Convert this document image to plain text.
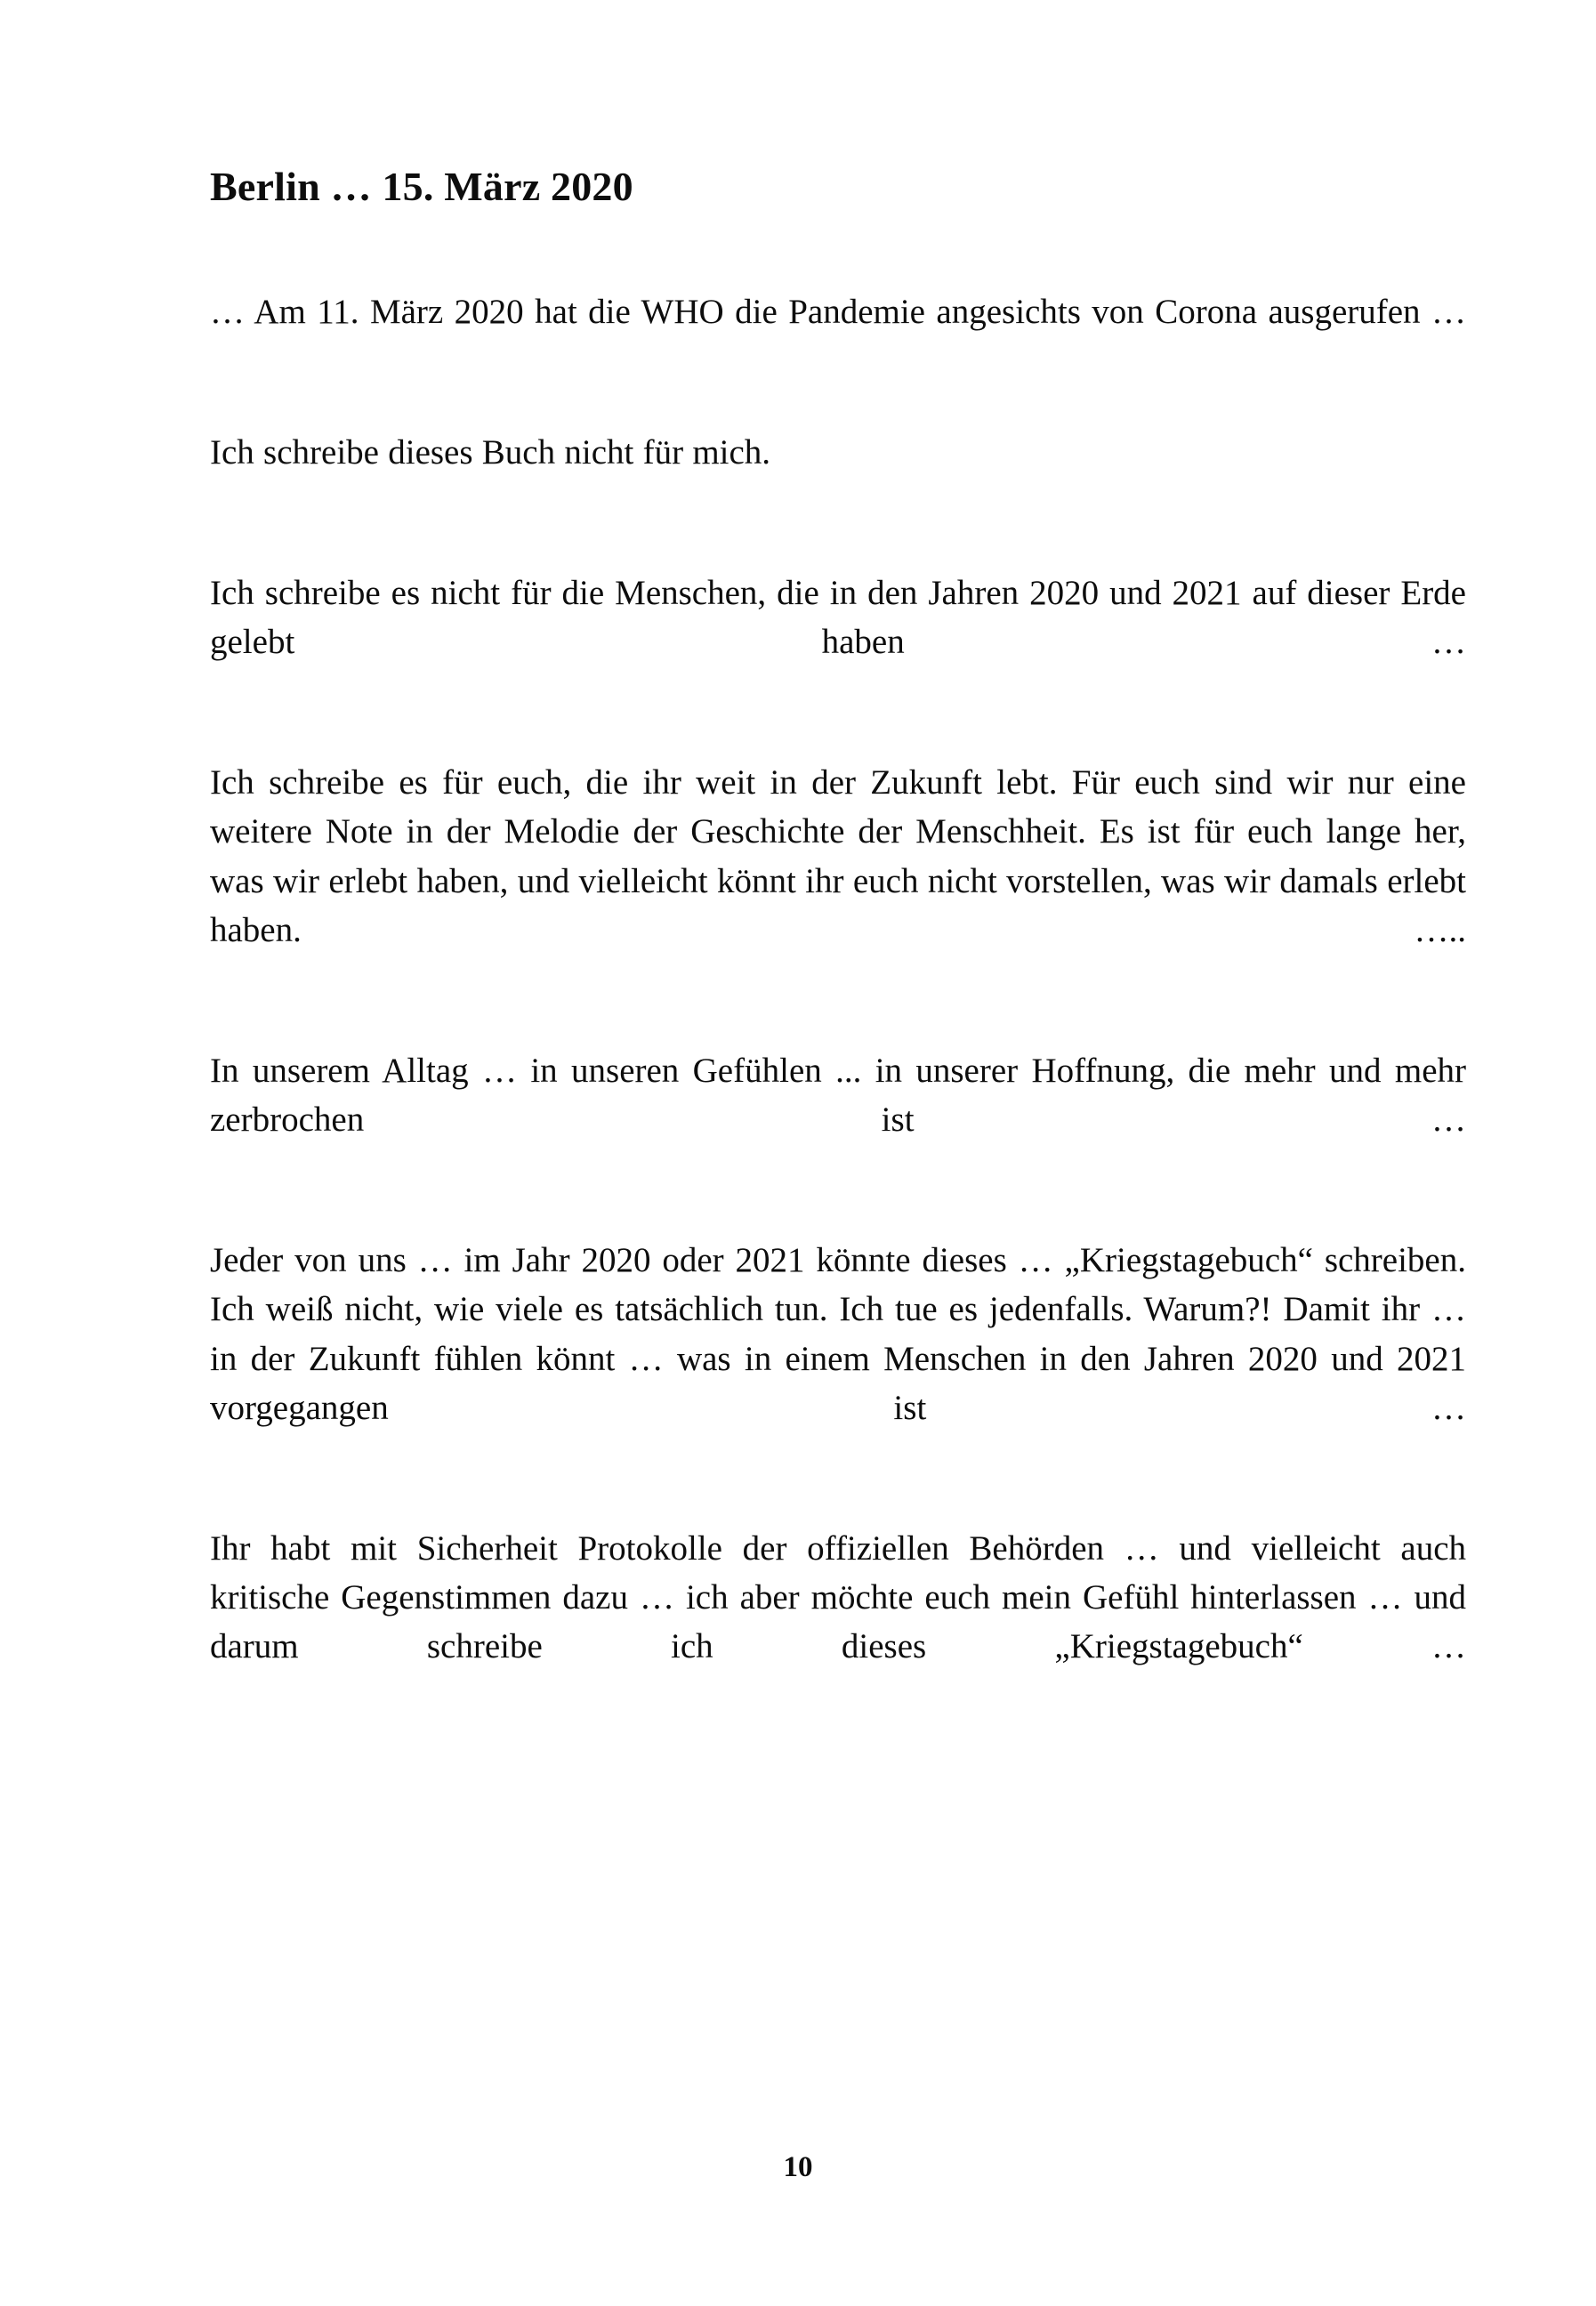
Berlin … 15. März 2020

… Am 11. März 2020 hat die WHO die Pandemie angesichts von Corona ausgerufen …

Ich schreibe dieses Buch nicht für mich.

Ich schreibe es nicht für die Menschen, die in den Jahren 2020 und 2021 auf dieser Erde gelebt haben …

Ich schreibe es für euch, die ihr weit in der Zukunft lebt. Für euch sind wir nur eine weitere Note in der Melodie der Geschichte der Menschheit. Es ist für euch lange her, was wir erlebt haben, und vielleicht könnt ihr euch nicht vorstellen, was wir damals erlebt haben. …..

In unserem Alltag … in unseren Gefühlen ... in unserer Hoffnung, die mehr und mehr zerbrochen ist …

Jeder von uns … im Jahr 2020 oder 2021 könnte dieses … „Kriegstagebuch“ schreiben. Ich weiß nicht, wie viele es tatsächlich tun. Ich tue es jedenfalls. Warum?! Damit ihr … in der Zukunft fühlen könnt … was in einem Menschen in den Jahren 2020 und 2021 vorgegangen ist …

Ihr habt mit Sicherheit Protokolle der offiziellen Behörden … und vielleicht auch kritische Gegenstimmen dazu … ich aber möchte euch mein Gefühl hinterlassen … und darum schreibe ich dieses „Kriegstagebuch“ …

10
